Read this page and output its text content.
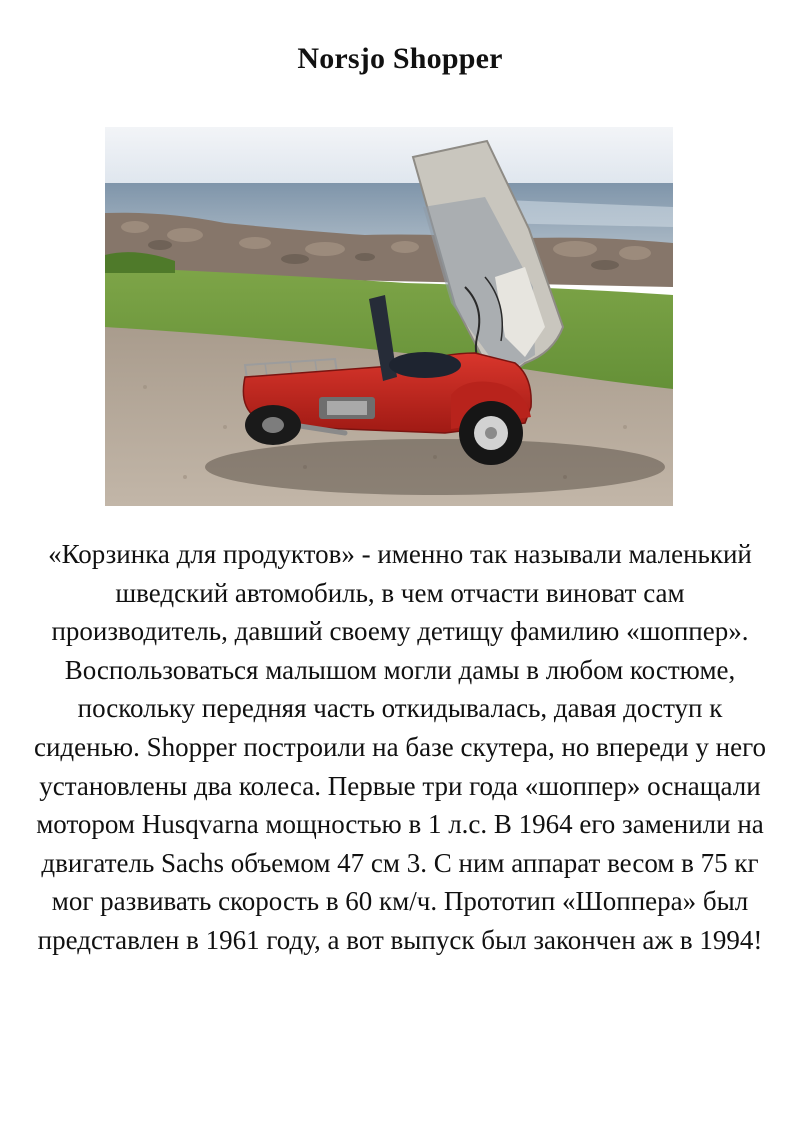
Norsjo Shopper
«Корзинка для продуктов» - именно так называли маленький шведский автомобиль, в чем отчасти виноват сам производитель, давший своему детищу фамилию «шоппер». Воспользоваться малышом могли дамы в любом костюме, поскольку передняя часть откидывалась, давая доступ к сиденью. Shopper построили на базе скутера, но впереди у него установлены два колеса. Первые три года «шоппер» оснащали мотором Husqvarna мощностью в 1 л.с. В 1964 его заменили на двигатель Sachs объемом 47 см 3. С ним аппарат весом в 75 кг мог развивать скорость в 60 км/ч. Прототип «Шоппера» был представлен в 1961 году, а вот выпуск был закончен аж в 1994!
